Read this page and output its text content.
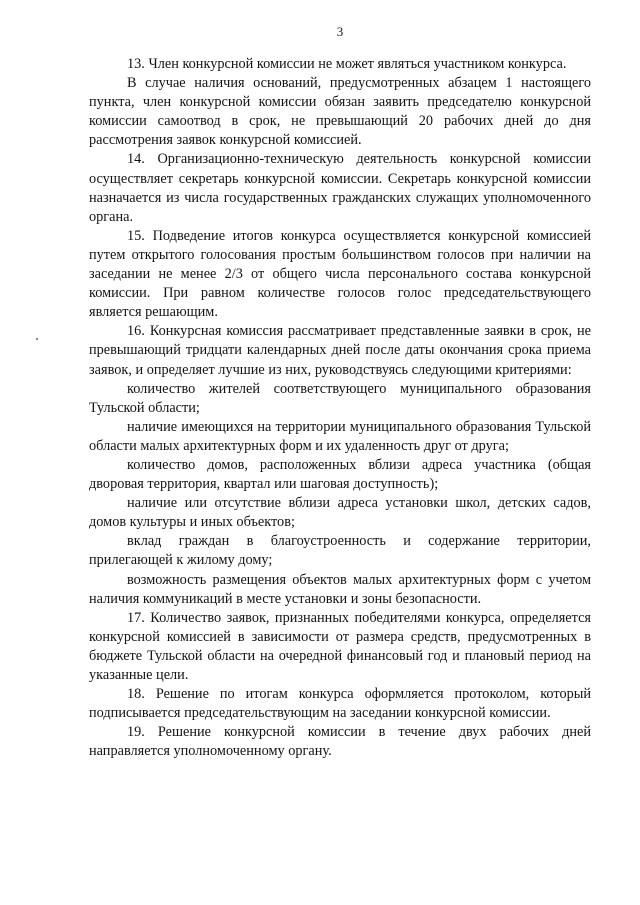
3

13. Член конкурсной комиссии не может являться участником конкурса.

В случае наличия оснований, предусмотренных абзацем 1 настоящего пункта, член конкурсной комиссии обязан заявить председателю конкурсной комиссии самоотвод в срок, не превышающий 20 рабочих дней до дня рассмотрения заявок конкурсной комиссией.

14. Организационно-техническую деятельность конкурсной комиссии осуществляет секретарь конкурсной комиссии. Секретарь конкурсной комиссии назначается из числа государственных гражданских служащих уполномоченного органа.

15. Подведение итогов конкурса осуществляется конкурсной комиссией путем открытого голосования простым большинством голосов при наличии на заседании не менее 2/3 от общего числа персонального состава конкурсной комиссии. При равном количестве голосов голос председательствующего является решающим.

16. Конкурсная комиссия рассматривает представленные заявки в срок, не превышающий тридцати календарных дней после даты окончания срока приема заявок, и определяет лучшие из них, руководствуясь следующими критериями:

количество жителей соответствующего муниципального образования Тульской области;

наличие имеющихся на территории муниципального образования Тульской области малых архитектурных форм и их удаленность друг от друга;

количество домов, расположенных вблизи адреса участника (общая дворовая территория, квартал или шаговая доступность);

наличие или отсутствие вблизи адреса установки школ, детских садов, домов культуры и иных объектов;

вклад граждан в благоустроенность и содержание территории, прилегающей к жилому дому;

возможность размещения объектов малых архитектурных форм с учетом наличия коммуникаций в месте установки и зоны безопасности.

17. Количество заявок, признанных победителями конкурса, определяется конкурсной комиссией в зависимости от размера средств, предусмотренных в бюджете Тульской области на очередной финансовый год и плановый период на указанные цели.

18. Решение по итогам конкурса оформляется протоколом, который подписывается председательствующим на заседании конкурсной комиссии.

19. Решение конкурсной комиссии в течение двух рабочих дней направляется уполномоченному органу.
